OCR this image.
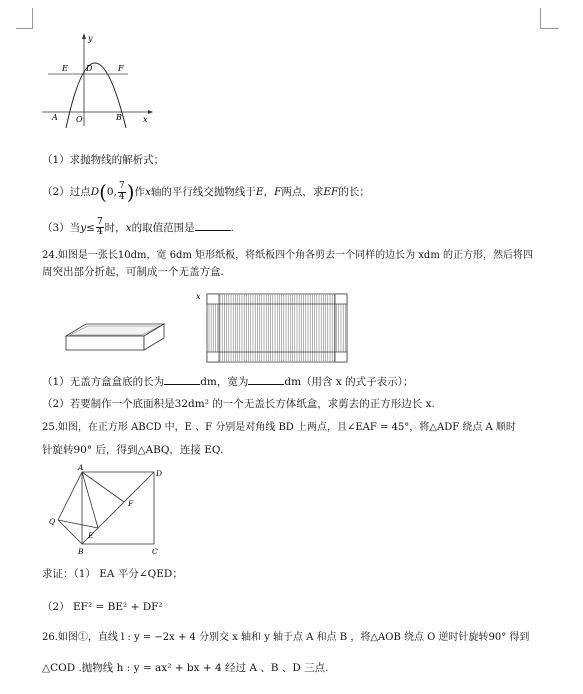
y
E D	F
A O	B	x
（1）求抛物线的解析式；
（2）过点D(0, $\frac{7}{4}$ )作x轴的平行线交抛物线于E，F两点，求EF的长；
（3）当$y\le \frac{7}{4}$ 时，x的取值范围是	.
24.如图是一张长10dm，宽 6dm 矩形纸板，将纸板四个角各剪去一个同样的边长为 xdm 的正方形，然后将四
周突出部分折起，可制成一个无盖方盒.
x
（1）无盖方盒盒底的长为	dm，宽为	dm（用含 x 的式子表示）；
（2）若要制作一个底面积是32dm² 的一个无盖长方体纸盒，求剪去的正方形边长 x.
25.如图，在正方形 ABCD 中，E 、F 分别是对角线 BD 上两点，且∠EAF = 45°，将△ADF 绕点 A 顺时
针旋转90° 后，得到△ABQ，连接 EQ.
A
D
F
Q
E
B	C
求证：（1） EA 平分∠QED；
（2） EF² = BE² + DF²
26.如图①，直线 l : y = −2x + 4 分别交 x 轴和 y 轴于点 A 和点 B ，将△AOB 绕点 O 逆时针旋转90° 得到
△COD .抛物线 h : y = ax² + bx + 4 经过 A 、B 、D 三点.
